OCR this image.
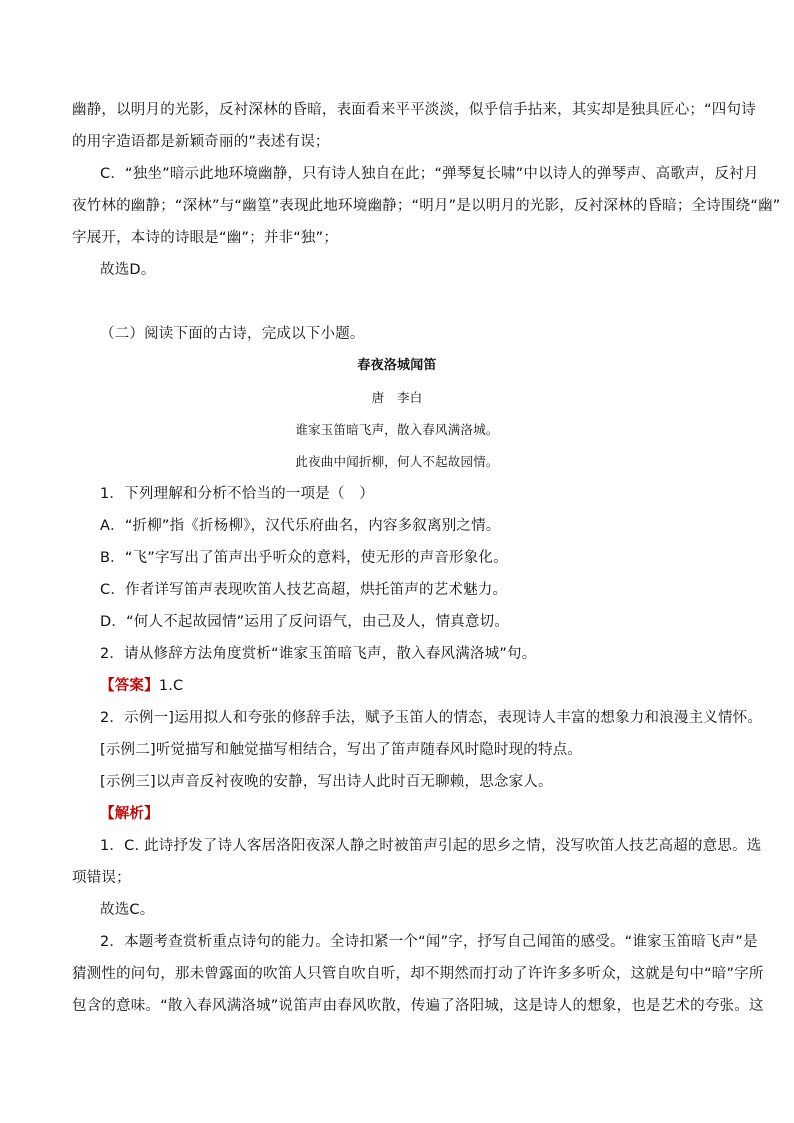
幽静，以明月的光影，反衬深林的昏暗，表面看来平平淡淡，似乎信手拈来，其实却是独具匠心；“四句诗
的用字造语都是新颖奇丽的”表述有误；
C．“独坐”暗示此地环境幽静，只有诗人独自在此；“弹琴复长啸”中以诗人的弹琴声、高歌声，反衬月
夜竹林的幽静；“深林”与“幽篁”表现此地环境幽静；“明月”是以明月的光影，反衬深林的昏暗；全诗围绕“幽”
字展开，本诗的诗眼是“幽”；并非“独”；
故选D。
（二）阅读下面的古诗，完成以下小题。
春夜洛城闻笛
唐　李白
谁家玉笛暗飞声，散入春风满洛城。
此夜曲中闻折柳，何人不起故园情。
1．下列理解和分析不恰当的一项是（　）
A．“折柳”指《折杨柳》，汉代乐府曲名，内容多叙离别之情。
B．“飞”字写出了笛声出乎听众的意料，使无形的声音形象化。
C．作者详写笛声表现吹笛人技艺高超，烘托笛声的艺术魅力。
D．“何人不起故园情”运用了反问语气，由己及人，情真意切。
2．请从修辞方法角度赏析“谁家玉笛暗飞声，散入春风满洛城”句。
【答案】1.C
2．示例一]运用拟人和夸张的修辞手法，赋予玉笛人的情态，表现诗人丰富的想象力和浪漫主义情怀。
[示例二]听觉描写和触觉描写相结合，写出了笛声随春风时隐时现的特点。
[示例三]以声音反衬夜晚的安静，写出诗人此时百无聊赖，思念家人。
【解析】
1．C. 此诗抒发了诗人客居洛阳夜深人静之时被笛声引起的思乡之情，没写吹笛人技艺高超的意思。选
项错误；
故选C。
2．本题考查赏析重点诗句的能力。全诗扣紧一个“闻”字，抒写自己闻笛的感受。“谁家玉笛暗飞声”是
猜测性的问句，那未曾露面的吹笛人只管自吹自听，却不期然而打动了许许多多听众，这就是句中“暗”字所
包含的意味。“散入春风满洛城”说笛声由春风吹散，传遍了洛阳城，这是诗人的想象，也是艺术的夸张。这
